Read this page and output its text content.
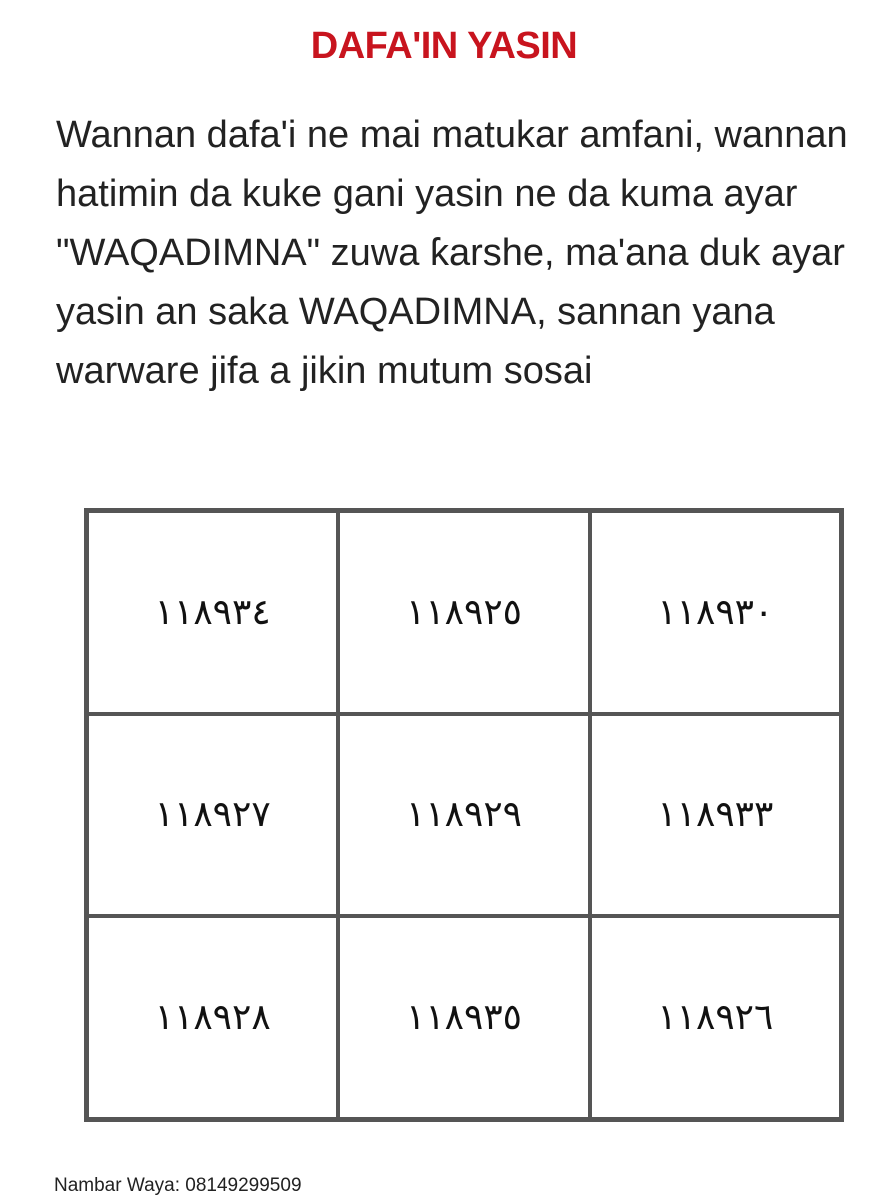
DAFA'IN YASIN

Wannan dafa'i ne mai matukar amfani, wannan hatimin da kuke gani yasin ne da kuma ayar "WAQADIMNA" zuwa ƙarshe, ma'ana duk ayar yasin an saka WAQADIMNA, sannan yana warware jifa a jikin mutum sosai

١١٨٩٣٤	١١٨٩٢٥	١١٨٩٣٠
١١٨٩٢٧	١١٨٩٢٩	١١٨٩٣٣
١١٨٩٢٨	١١٨٩٣٥	١١٨٩٢٦
Nambar Waya: 08149299509
